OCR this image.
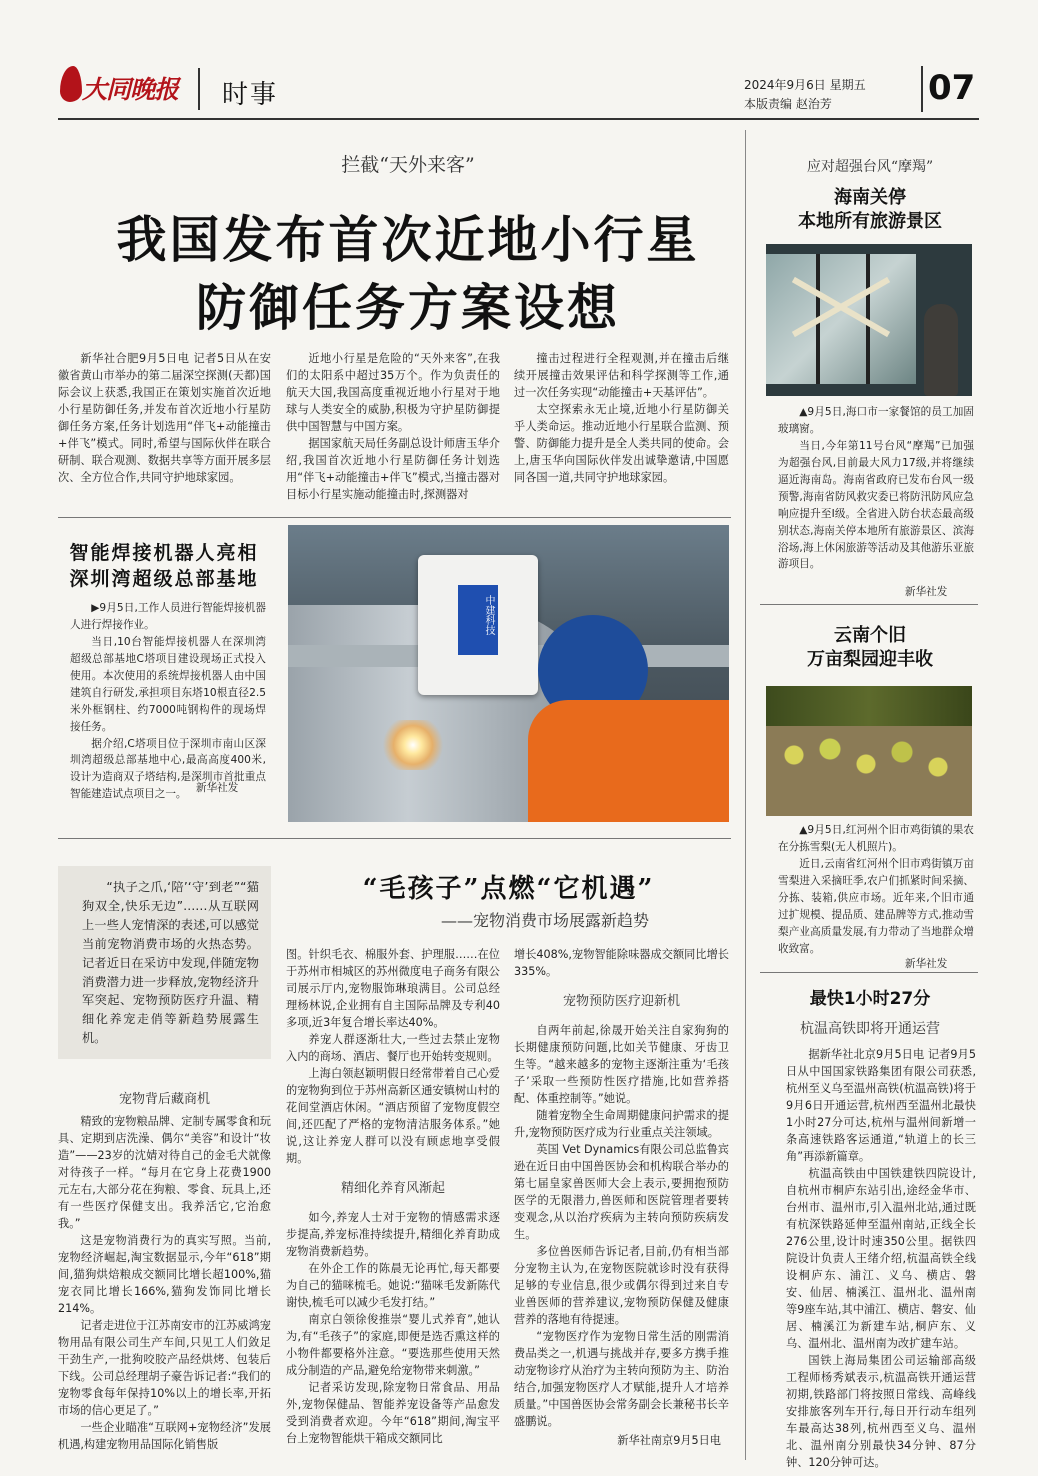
大同晚报 时事	2024年9月6日 星期五
本版责编 赵治芳	07
拦截“天外来客”
我国发布首次近地小行星
防御任务方案设想

新华社合肥9月5日电 记者5日从在安徽省黄山市举办的第二届深空探测(天都)国际会议上获悉,我国正在策划实施首次近地小行星防御任务,并发布首次近地小行星防御任务方案,任务计划选用“伴飞+动能撞击+伴飞”模式。同时,希望与国际伙伴在联合研制、联合观测、数据共享等方面开展多层次、全方位合作,共同守护地球家园。

近地小行星是危险的“天外来客”,在我们的太阳系中超过35万个。作为负责任的航天大国,我国高度重视近地小行星对于地球与人类安全的威胁,积极为守护星防御提供中国智慧与中国方案。

据国家航天局任务副总设计师唐玉华介绍,我国首次近地小行星防御任务计划选用“伴飞+动能撞击+伴飞”模式,当撞击器对目标小行星实施动能撞击时,探测器对

撞击过程进行全程观测,并在撞击后继续开展撞击效果评估和科学探测等工作,通过一次任务实现“动能撞击+天基评估”。

太空探索永无止境,近地小行星防御关乎人类命运。推动近地小行星联合监测、预警、防御能力提升是全人类共同的使命。会上,唐玉华向国际伙伴发出诚挚邀请,中国愿同各国一道,共同守护地球家园。

智能焊接机器人亮相
深圳湾超级总部基地

▶9月5日,工作人员进行智能焊接机器人进行焊接作业。

当日,10台智能焊接机器人在深圳湾超级总部基地C塔项目建设现场正式投入使用。本次使用的系统焊接机器人由中国建筑自行研发,承担项目东塔10根直径2.5米外框钢柱、约7000吨钢构件的现场焊接任务。

据介绍,C塔项目位于深圳市南山区深圳湾超级总部基地中心,最高高度400米,设计为造商双子塔结构,是深圳市首批重点智能建造试点项目之一。

新华社发
中建科技
“执子之爪,‘陪’‘守’到老”“猫狗双全,快乐无边”……从互联网上一些人宠情深的表述,可以感觉当前宠物消费市场的火热态势。记者近日在采访中发现,伴随宠物消费潜力进一步释放,宠物经济升军突起、宠物预防医疗升温、精细化养宠走俏等新趋势展露生机。
“毛孩子”点燃“它机遇”
——宠物消费市场展露新趋势
宠物背后藏商机

精致的宠物粮品牌、定制专属零食和玩具、定期到店洗澡、偶尔“美容”和设计“妆造”——23岁的沈婧对待自己的金毛犬就像对待孩子一样。“每月在它身上花费1900元左右,大部分花在狗粮、零食、玩具上,还有一些医疗保健支出。我养活它,它治愈我。”

这是宠物消费行为的真实写照。当前,宠物经济崛起,淘宝数据显示,今年“618”期间,猫狗烘焙粮成交额同比增长超100%,猫宠衣同比增长166%,猫狗发饰同比增长214%。

记者走进位于江苏南安市的江苏威鸿宠物用品有限公司生产车间,只见工人们敛足干劲生产,一批狗咬胶产品经烘烤、包装后下线。公司总经理胡子豪告诉记者:“我们的宠物零食每年保持10%以上的增长率,开拓市场的信心更足了。”

一些企业瞄准“互联网+宠物经济”发展机遇,构建宠物用品国际化销售版

图。针织毛衣、棉服外套、护理服……在位于苏州市相城区的苏州微度电子商务有限公司展示厅内,宠物服饰琳琅满目。公司总经理杨林说,企业拥有自主国际品牌及专利40多项,近3年复合增长率达40%。

养宠人群逐渐壮大,一些过去禁止宠物入内的商场、酒店、餐厅也开始转变规则。

上海白领赵颖明假日经常带着自己心爱的宠物狗到位于苏州高新区通安镇树山村的花间堂酒店休闲。“酒店预留了宠物度假空间,还匹配了严格的宠物清洁服务体系。”她说,这让养宠人群可以没有顾虑地享受假期。

精细化养育风渐起

如今,养宠人士对于宠物的情感需求逐步提高,养宠标准持续提升,精细化养育助成宠物消费新趋势。

在外企工作的陈晨无论再忙,每天都要为自己的猫咪梳毛。她说:“猫咪毛发新陈代谢快,梳毛可以减少毛发打结。”

南京白领徐俊推崇“婴儿式养育”,她认为,有“毛孩子”的家庭,即便是选否熏这样的小物件都要格外注意。“要选那些使用天然成分制造的产品,避免给宠物带来刺激。”

记者采访发现,除宠物日常食品、用品外,宠物保健品、智能养宠设备等产品愈发受到消费者欢迎。今年“618”期间,淘宝平台上宠物智能烘干箱成交额同比

增长408%,宠物智能除味器成交额同比增长335%。

宠物预防医疗迎新机

自两年前起,徐晟开始关注自家狗狗的长期健康预防问题,比如关节健康、牙齿卫生等。“越来越多的宠物主逐渐注重为‘毛孩子’采取一些预防性医疗措施,比如营养搭配、体重控制等。”她说。

随着宠物全生命周期健康问护需求的提升,宠物预防医疗成为行业重点关注领域。

英国 Vet Dynamics有限公司总监鲁宾逊在近日由中国兽医协会和机构联合举办的第七届皇家兽医师大会上表示,要拥抱预防医学的无限潜力,兽医师和医院管理者要转变观念,从以治疗疾病为主转向预防疾病发生。

多位兽医师告诉记者,目前,仍有相当部分宠物主认为,在宠物医院就诊时没有获得足够的专业信息,很少或偶尔得到过来自专业兽医师的营养建议,宠物预防保健及健康营养的落地有待提速。

“宠物医疗作为宠物日常生活的刚需消费品类之一,机遇与挑战并存,要多方携手推动宠物诊疗从治疗为主转向预防为主、防治结合,加强宠物医疗人才赋能,提升人才培养质量。”中国兽医协会常务副会长兼秘书长辛盛鹏说。

新华社南京9月5日电
应对超强台风“摩羯”
海南关停
本地所有旅游景区

▲9月5日,海口市一家餐馆的员工加固玻璃窗。

当日,今年第11号台风“摩羯”已加强为超强台风,目前最大风力17级,并将继续逼近海南岛。海南省政府已发布台风一级预警,海南省防风救灾委已将防汛防风应急响应提升至Ⅰ级。全省进入防台状态最高级别状态,海南关停本地所有旅游景区、滨海浴场,海上休闲旅游等活动及其他游乐亚旅游项目。

新华社发
云南个旧
万亩梨园迎丰收

▲9月5日,红河州个旧市鸡街镇的果农在分拣雪梨(无人机照片)。

近日,云南省红河州个旧市鸡街镇万亩雪梨进入采摘旺季,农户们抓紧时间采摘、分拣、装箱,供应市场。近年来,个旧市通过扩规模、提品质、建品牌等方式,推动雪梨产业高质量发展,有力带动了当地群众增收致富。

新华社发
最快1小时27分
杭温高铁即将开通运营

据新华社北京9月5日电 记者9月5日从中国国家铁路集团有限公司获悉,杭州至义乌至温州高铁(杭温高铁)将于9月6日开通运营,杭州西至温州北最快1小时27分可达,杭州与温州间新增一条高速铁路客运通道,“轨道上的长三角”再添新篇章。

杭温高铁由中国铁建铁四院设计,自杭州市桐庐东站引出,途经金华市、台州市、温州市,引入温州北站,通过既有杭深铁路延伸至温州南站,正线全长276公里,设计时速350公里。据铁四院设计负责人王绪介绍,杭温高铁全线设桐庐东、浦江、义乌、横店、磐安、仙居、楠溪江、温州北、温州南等9座车站,其中浦江、横店、磐安、仙居、楠溪江为新建车站,桐庐东、义乌、温州北、温州南为改扩建车站。

国铁上海局集团公司运输部高级工程师杨秀斌表示,杭温高铁开通运营初期,铁路部门将按照日常线、高峰线安排旅客列车开行,每日开行动车组列车最高达38列,杭州西至义乌、温州北、温州南分别最快34分钟、87分钟、120分钟可达。
